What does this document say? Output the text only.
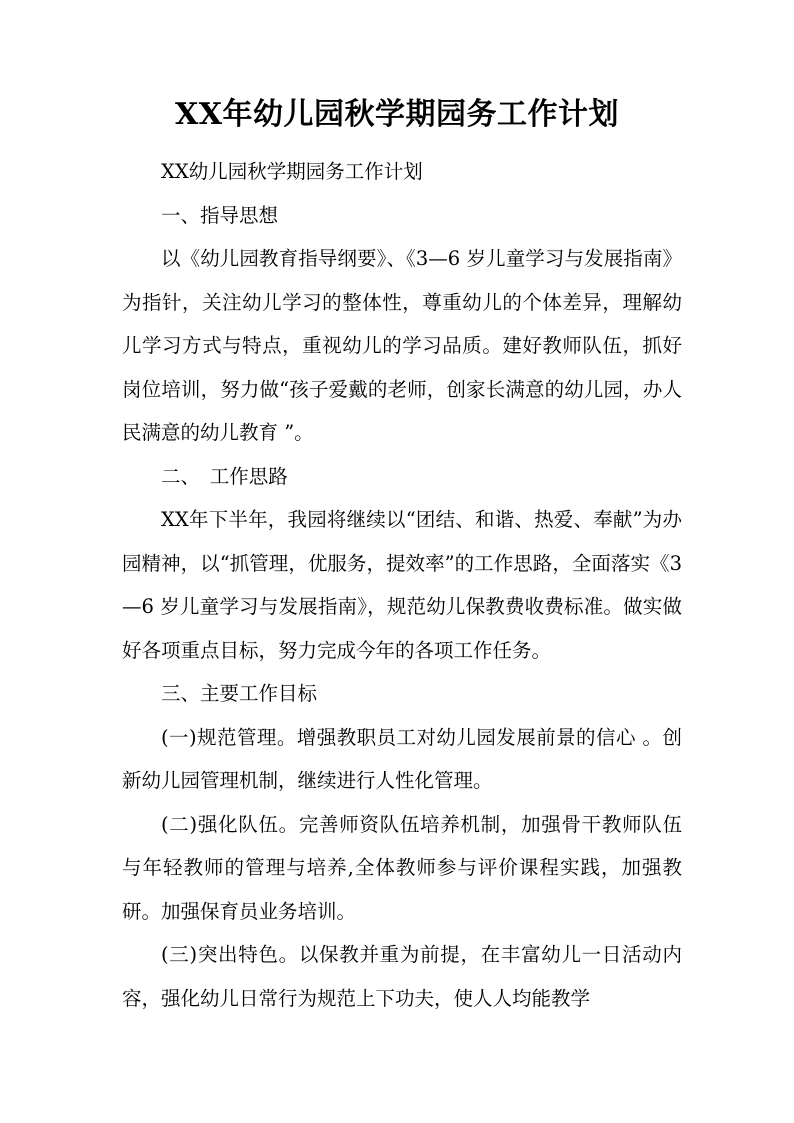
XX年幼儿园秋学期园务工作计划

XX幼儿园秋学期园务工作计划

一、指导思想

以《幼儿园教育指导纲要》、《3—6 岁儿童学习与发展指南》为指针，关注幼儿学习的整体性，尊重幼儿的个体差异，理解幼儿学习方式与特点，重视幼儿的学习品质。建好教师队伍，抓好岗位培训，努力做“孩子爱戴的老师，创家长满意的幼儿园，办人民满意的幼儿教育 ”。

二、　工作思路

XX年下半年，我园将继续以“团结、和谐、热爱、奉献”为办园精神，以“抓管理，优服务，提效率”的工作思路，全面落实《3—6 岁儿童学习与发展指南》，规范幼儿保教费收费标准。做实做好各项重点目标，努力完成今年的各项工作任务。

三、主要工作目标

(一)规范管理。增强教职员工对幼儿园发展前景的信心 。创新幼儿园管理机制，继续进行人性化管理。

(二)强化队伍。完善师资队伍培养机制，加强骨干教师队伍与年轻教师的管理与培养,全体教师参与评价课程实践，加强教研。加强保育员业务培训。

(三)突出特色。以保教并重为前提，在丰富幼儿一日活动内容，强化幼儿日常行为规范上下功夫，使人人均能教学
